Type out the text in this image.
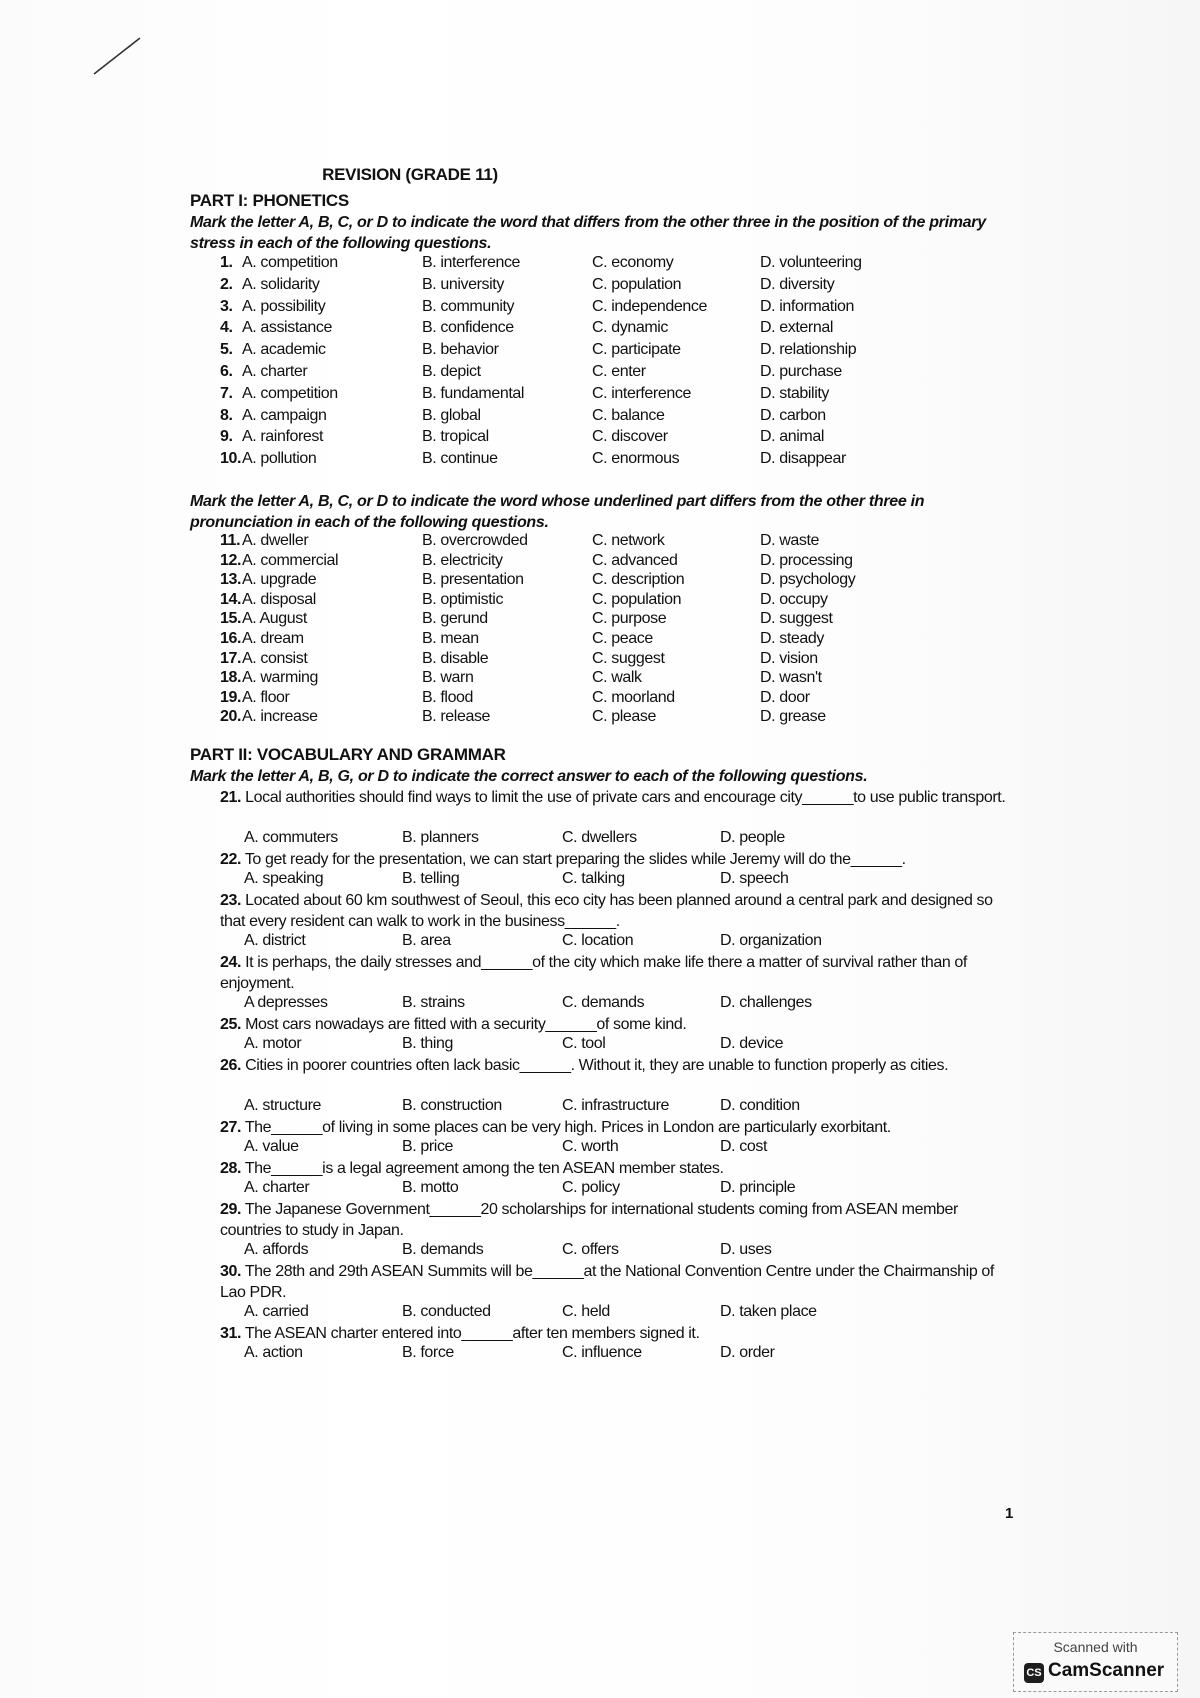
REVISION (GRADE 11)
PART I: PHONETICS
Mark the letter A, B, C, or D to indicate the word that differs from the other three in the position of the primary stress in each of the following questions.
1. A. competition	B. interference	C. economy	D. volunteering
2. A. solidarity	B. university	C. population	D. diversity
3. A. possibility	B. community	C. independence	D. information
4. A. assistance	B. confidence	C. dynamic	D. external
5. A. academic	B. behavior	C. participate	D. relationship
6. A. charter	B. depict	C. enter	D. purchase
7. A. competition	B. fundamental	C. interference	D. stability
8. A. campaign	B. global	C. balance	D. carbon
9. A. rainforest	B. tropical	C. discover	D. animal
10. A. pollution	B. continue	C. enormous	D. disappear
Mark the letter A, B, C, or D to indicate the word whose underlined part differs from the other three in pronunciation in each of the following questions.
11. A. dweller	B. overcrowded	C. network	D. waste
12. A. commercial	B. electricity	C. advanced	D. processing
13. A. upgrade	B. presentation	C. description	D. psychology
14. A. disposal	B. optimistic	C. population	D. occupy
15. A. August	B. gerund	C. purpose	D. suggest
16. A. dream	B. mean	C. peace	D. steady
17. A. consist	B. disable	C. suggest	D. vision
18. A. warming	B. warn	C. walk	D. wasn't
19. A. floor	B. flood	C. moorland	D. door
20. A. increase	B. release	C. please	D. grease
PART II: VOCABULARY AND GRAMMAR
Mark the letter A, B, G, or D to indicate the correct answer to each of the following questions.
21. Local authorities should find ways to limit the use of private cars and encourage city______to use public transport.
A. commuters	B. planners	C. dwellers	D. people
22. To get ready for the presentation, we can start preparing the slides while Jeremy will do the______.
A. speaking	B. telling	C. talking	D. speech
23. Located about 60 km southwest of Seoul, this eco city has been planned around a central park and designed so that every resident can walk to work in the business______.
A. district	B. area	C. location	D. organization
24. It is perhaps, the daily stresses and______of the city which make life there a matter of survival rather than of enjoyment.
A depresses	B. strains	C. demands	D. challenges
25. Most cars nowadays are fitted with a security______of some kind.
A. motor	B. thing	C. tool	D. device
26. Cities in poorer countries often lack basic______. Without it, they are unable to function properly as cities.
A. structure	B. construction	C. infrastructure	D. condition
27. The______of living in some places can be very high. Prices in London are particularly exorbitant.
A. value	B. price	C. worth	D. cost
28. The______is a legal agreement among the ten ASEAN member states.
A. charter	B. motto	C. policy	D. principle
29. The Japanese Government______20 scholarships for international students coming from ASEAN member countries to study in Japan.
A. affords	B. demands	C. offers	D. uses
30. The 28th and 29th ASEAN Summits will be______at the National Convention Centre under the Chairmanship of Lao PDR.
A. carried	B. conducted	C. held	D. taken place
31. The ASEAN charter entered into______after ten members signed it.
A. action	B. force	C. influence	D. order
1
Scanned with
CS CamScanner
